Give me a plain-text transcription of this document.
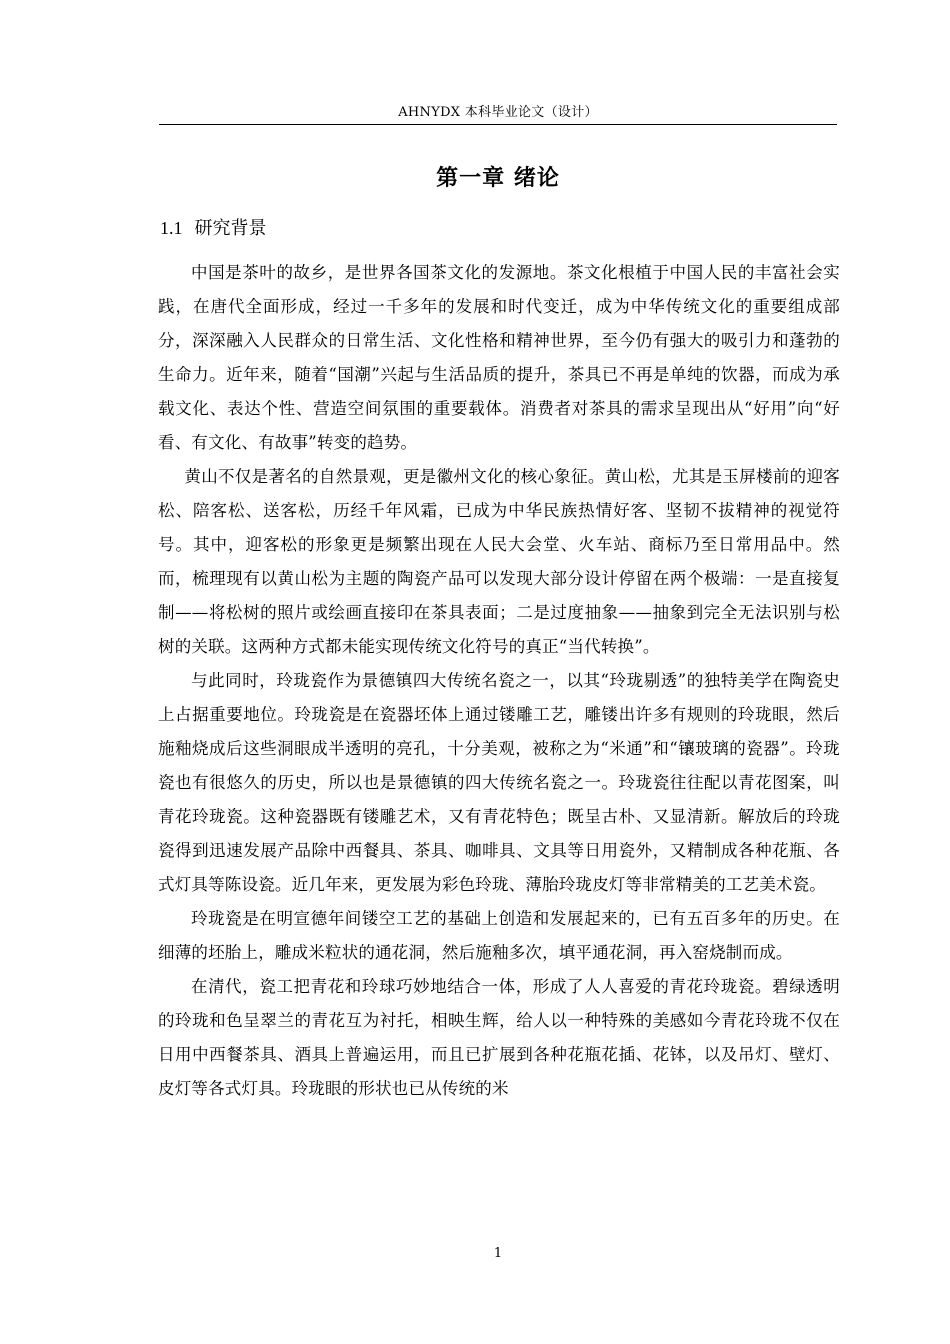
AHNYDX 本科毕业论文（设计）
第一章 绪论
1.1 研究背景

中国是茶叶的故乡，是世界各国茶文化的发源地。茶文化根植于中国人民的丰富社会实践，在唐代全面形成，经过一千多年的发展和时代变迁，成为中华传统文化的重要组成部分，深深融入人民群众的日常生活、文化性格和精神世界，至今仍有强大的吸引力和蓬勃的生命力。近年来，随着“国潮”兴起与生活品质的提升，茶具已不再是单纯的饮器，而成为承载文化、表达个性、营造空间氛围的重要载体。消费者对茶具的需求呈现出从“好用”向“好看、有文化、有故事”转变的趋势。

黄山不仅是著名的自然景观，更是徽州文化的核心象征。黄山松，尤其是玉屏楼前的迎客松、陪客松、送客松，历经千年风霜，已成为中华民族热情好客、坚韧不拔精神的视觉符号。其中，迎客松的形象更是频繁出现在人民大会堂、火车站、商标乃至日常用品中。然而，梳理现有以黄山松为主题的陶瓷产品可以发现大部分设计停留在两个极端：一是直接复制——将松树的照片或绘画直接印在茶具表面；二是过度抽象——抽象到完全无法识别与松树的关联。这两种方式都未能实现传统文化符号的真正“当代转换”。

与此同时，玲珑瓷作为景德镇四大传统名瓷之一，以其“玲珑剔透”的独特美学在陶瓷史上占据重要地位。玲珑瓷是在瓷器坯体上通过镂雕工艺，雕镂出许多有规则的玲珑眼，然后施釉烧成后这些洞眼成半透明的亮孔，十分美观，被称之为“米通”和“镶玻璃的瓷器”。玲珑瓷也有很悠久的历史，所以也是景德镇的四大传统名瓷之一。玲珑瓷往往配以青花图案，叫青花玲珑瓷。这种瓷器既有镂雕艺术，又有青花特色；既呈古朴、又显清新。解放后的玲珑瓷得到迅速发展产品除中西餐具、茶具、咖啡具、文具等日用瓷外，又精制成各种花瓶、各式灯具等陈设瓷。近几年来，更发展为彩色玲珑、薄胎玲珑皮灯等非常精美的工艺美术瓷。

玲珑瓷是在明宣德年间镂空工艺的基础上创造和发展起来的，已有五百多年的历史。在细薄的坯胎上，雕成米粒状的通花洞，然后施釉多次，填平通花洞，再入窑烧制而成。

在清代，瓷工把青花和玲球巧妙地结合一体，形成了人人喜爱的青花玲珑瓷。碧绿透明的玲珑和色呈翠兰的青花互为衬托，相映生辉，给人以一种特殊的美感如今青花玲珑不仅在日用中西餐茶具、酒具上普遍运用，而且已扩展到各种花瓶花插、花钵，以及吊灯、壁灯、皮灯等各式灯具。玲珑眼的形状也已从传统的米

1
